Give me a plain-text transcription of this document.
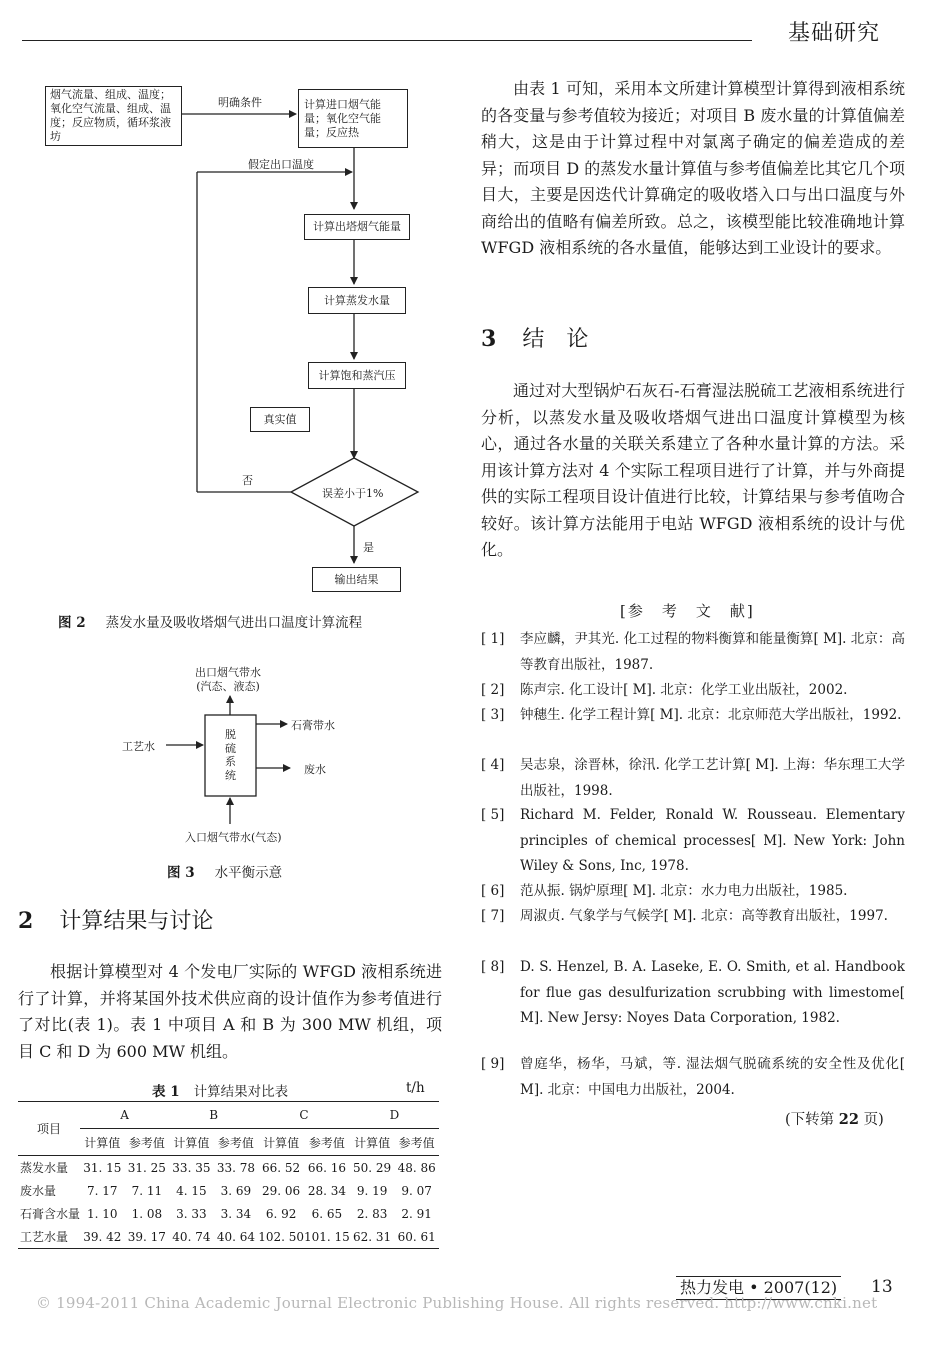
基础研究
烟气流量、组成、温度；氧化空气流量、组成、温度；反应物质，循环浆液坊
明确条件	计算进口烟气能量；氧化空气能量；反应热
假定出口温度
计算出塔烟气能量
计算蒸发水量
计算饱和蒸汽压
真实值
否
误差小于1%
是
输出结果
图 2 蒸发水量及吸收塔烟气进出口温度计算流程
出口烟气带水
(汽态、液态)
脱
硫
系
统
石膏带水
工艺水
废水
入口烟气带水(气态)
图 3 水平衡示意
2 计算结果与讨论
根据计算模型对 4 个发电厂实际的 WFGD 液相系统进行了计算，并将某国外技术供应商的设计值作为参考值进行了对比(表 1)。表 1 中项目 A 和 B 为 300 MW 机组，项目 C 和 D 为 600 MW 机组。
表 1 计算结果对比表	t/h
项目	A		B		C		D	
	计算值	参考值	计算值	参考值	计算值	参考值	计算值	参考值
蒸发水量	31. 15	31. 25	33. 35	33. 78	66. 52	66. 16	50. 29	48. 86
废水量	7. 17	7. 11	4. 15	3. 69	29. 06	28. 34	9. 19	9. 07
石膏含水量	1. 10	1. 08	3. 33	3. 34	6. 92	6. 65	2. 83	2. 91
工艺水量	39. 42	39. 17	40. 74	40. 64	102. 50	101. 15	62. 31	60. 61
由表 1 可知，采用本文所建计算模型计算得到液相系统的各变量与参考值较为接近；对项目 B 废水量的计算值偏差稍大，这是由于计算过程中对氯离子确定的偏差造成的差异；而项目 D 的蒸发水量计算值与参考值偏差比其它几个项目大，主要是因迭代计算确定的吸收塔入口与出口温度与外商给出的值略有偏差所致。总之，该模型能比较准确地计算 WFGD 液相系统的各水量值，能够达到工业设计的要求。
3 结　论
通过对大型锅炉石灰石-石膏湿法脱硫工艺液相系统进行分析，以蒸发水量及吸收塔烟气进出口温度计算模型为核心，通过各水量的关联关系建立了各种水量计算的方法。采用该计算方法对 4 个实际工程项目进行了计算，并与外商提供的实际工程项目设计值进行比较，计算结果与参考值吻合较好。该计算方法能用于电站 WFGD 液相系统的设计与优化。
[参　考　文　献]
[ 1] 李应麟，尹其光. 化工过程的物料衡算和能量衡算[ M]. 北京：高等教育出版社，1987.
[ 2] 陈声宗. 化工设计[ M]. 北京：化学工业出版社，2002.
[ 3] 钟穗生. 化学工程计算[ M]. 北京：北京师范大学出版社，1992.
[ 4] 吴志泉，涂晋林，徐汛. 化学工艺计算[ M]. 上海：华东理工大学出版社，1998.
[ 5] Richard M. Felder, Ronald W. Rousseau. Elementary principles of chemical processes[ M]. New York: John Wiley & Sons, Inc, 1978.
[ 6] 范从振. 锅炉原理[ M]. 北京：水力电力出版社，1985.
[ 7] 周淑贞. 气象学与气候学[ M]. 北京：高等教育出版社，1997.
[ 8] D. S. Henzel, B. A. Laseke, E. O. Smith, et al. Handbook for flue gas desulfurization scrubbing with limestome[ M]. New Jersy: Noyes Data Corporation, 1982.
[ 9] 曾庭华，杨华，马斌，等. 湿法烟气脱硫系统的安全性及优化[ M]. 北京：中国电力出版社，2004.
(下转第 22 页)
热力发电 • 2007(12) 13
© 1994-2011 China Academic Journal Electronic Publishing House. All rights reserved. http://www.cnki.net
